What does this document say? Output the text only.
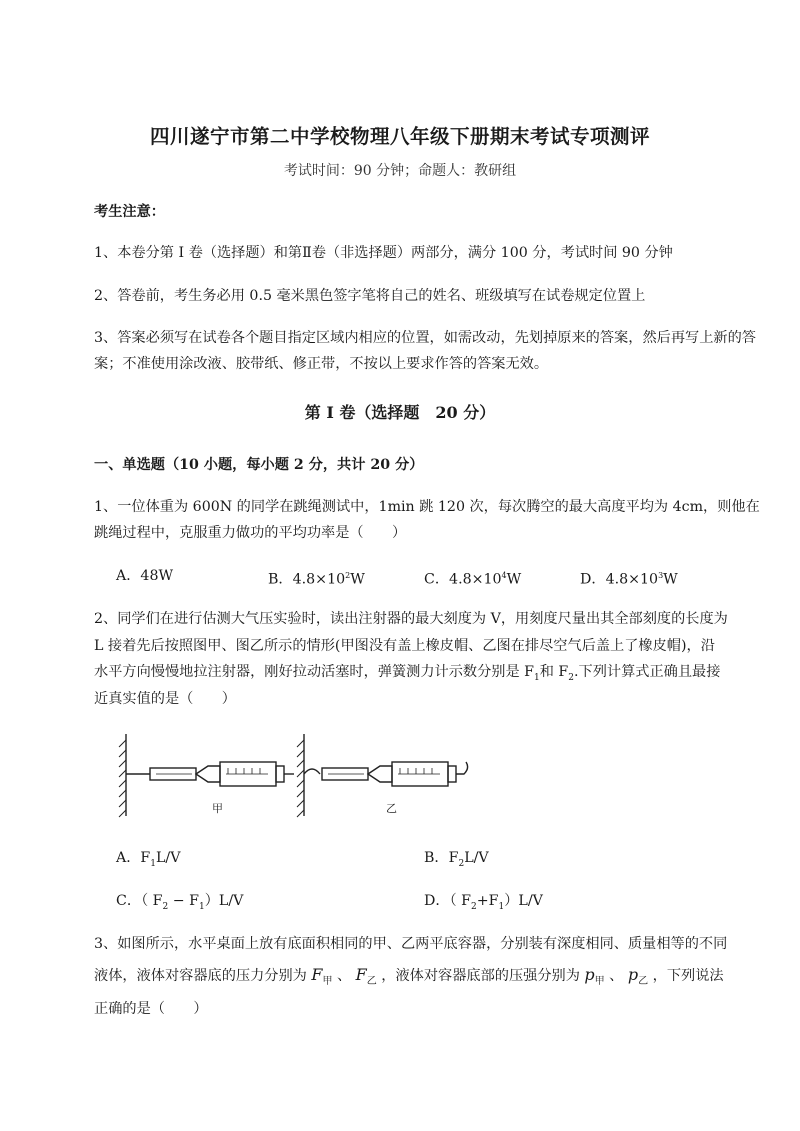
四川遂宁市第二中学校物理八年级下册期末考试专项测评
考试时间：90 分钟；命题人：教研组
考生注意：
1、本卷分第 I 卷（选择题）和第Ⅱ卷（非选择题）两部分，满分 100 分，考试时间 90 分钟
2、答卷前，考生务必用 0.5 毫米黑色签字笔将自己的姓名、班级填写在试卷规定位置上
3、答案必须写在试卷各个题目指定区域内相应的位置，如需改动，先划掉原来的答案，然后再写上新的答案；不准使用涂改液、胶带纸、修正带，不按以上要求作答的答案无效。
第 I 卷（选择题　20 分）
一、单选题（10 小题，每小题 2 分，共计 20 分）
1、一位体重为 600N 的同学在跳绳测试中，1min 跳 120 次，每次腾空的最大高度平均为 4cm，则他在
跳绳过程中，克服重力做功的平均功率是（　　）
A．48W	B．$4.8\times 10^2W$	C．$4.8\times 10^4W$	D．$4.8\times 10^3W$
2、同学们在进行估测大气压实验时，读出注射器的最大刻度为 V，用刻度尺量出其全部刻度的长度为
L 接着先后按照图甲、图乙所示的情形(甲图没有盖上橡皮帽、乙图在排尽空气后盖上了橡皮帽)，沿
水平方向慢慢地拉注射器，刚好拉动活塞时，弹簧测力计示数分别是 $F_1$和 $F_2$.下列计算式正确且最接
近真实值的是（　　）
甲	乙
A．$F_1L/V$	B．$F_2L/V$
C．（ $F_2 - F_1)L/V$	D．（ $F_2+F_1)L/V$
3、如图所示，水平桌面上放有底面积相同的甲、乙两平底容器，分别装有深度相同、质量相等的不同
液体，液体对容器底的压力分别为 $F_甲$ 、 $F_乙$ ，液体对容器底部的压强分别为 $p_甲$ 、 $p_乙$ ，下列说法
正确的是（　　）
